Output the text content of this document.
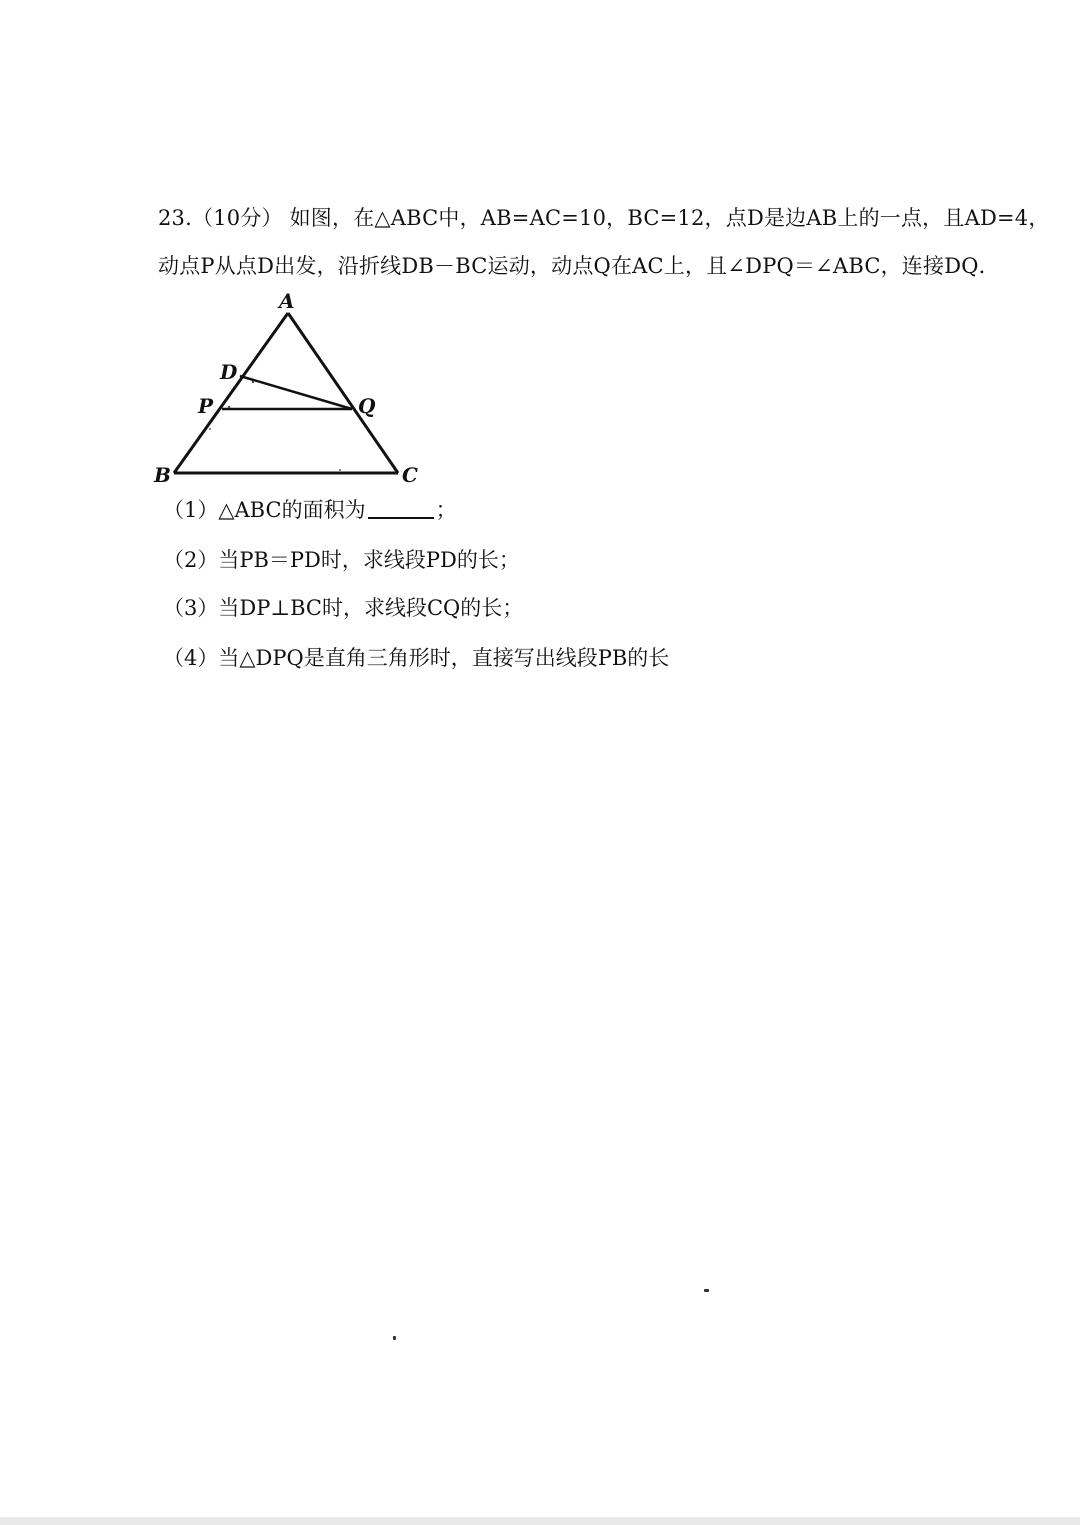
23.（10分） 如图，在△ABC中，AB=AC=10，BC=12，点D是边AB上的一点，且AD=4，
动点P从点D出发，沿折线DB－BC运动，动点Q在AC上，且∠DPQ＝∠ABC，连接DQ．
A
D
P	Q
B	C
（1）△ABC的面积为	；
（2）当PB＝PD时，求线段PD的长；
（3）当DP⊥BC时，求线段CQ的长；
（4）当△DPQ是直角三角形时，直接写出线段PB的长
